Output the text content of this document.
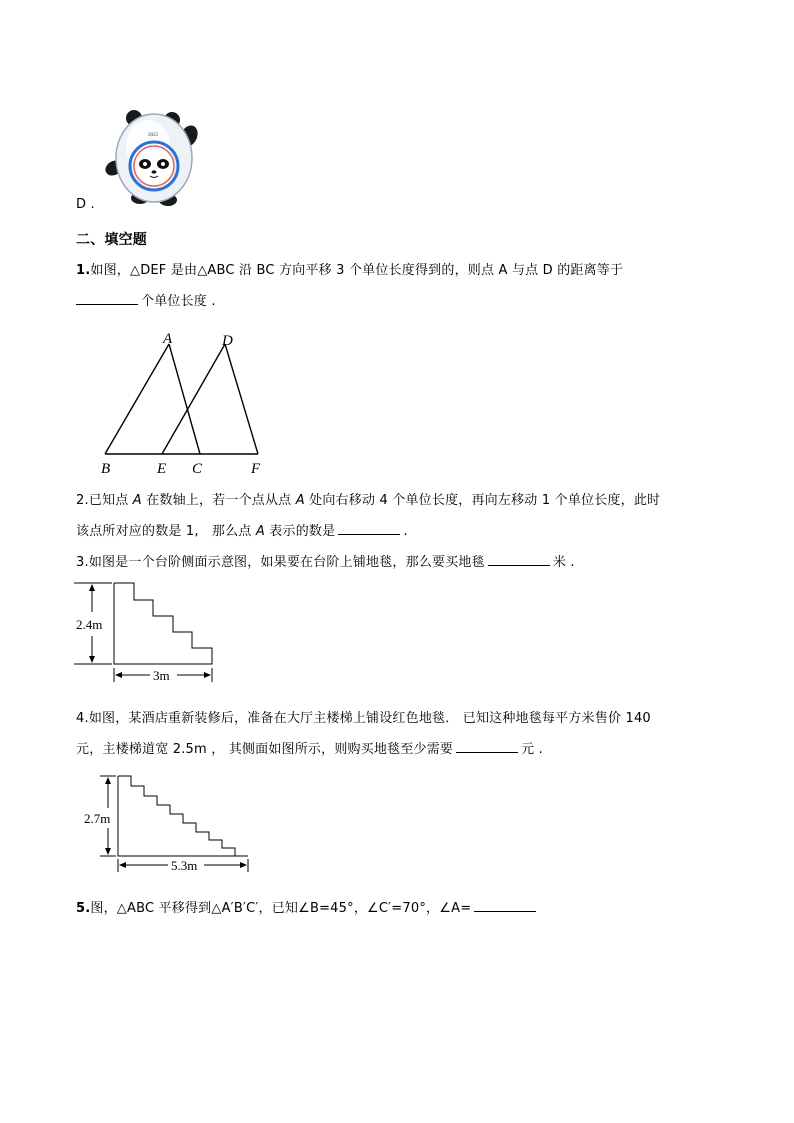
2022
D .
二、填空题
1.如图，△DEF 是由△ABC 沿 BC 方向平移 3 个单位长度得到的，则点 A 与点 D 的距离等于
个单位长度 .
A	D
B	E C	F
2.已知点 A 在数轴上，若一个点从点 A 处向右移动 4 个单位长度，再向左移动 1 个单位长度，此时
该点所对应的数是 1,　那么点 A 表示的数是	.
3.如图是一个台阶侧面示意图，如果要在台阶上铺地毯，那么要买地毯	米 .
2.4m
3m
4.如图，某酒店重新装修后，准备在大厅主楼梯上铺设红色地毯． 已知这种地毯每平方米售价 140
元，主楼梯道宽 2.5m ， 其侧面如图所示，则购买地毯至少需要	元 .
2.7m
5.3m
5.图，△ABC 平移得到△A′B′C′，已知∠B=45°，∠C′=70°，∠A=
